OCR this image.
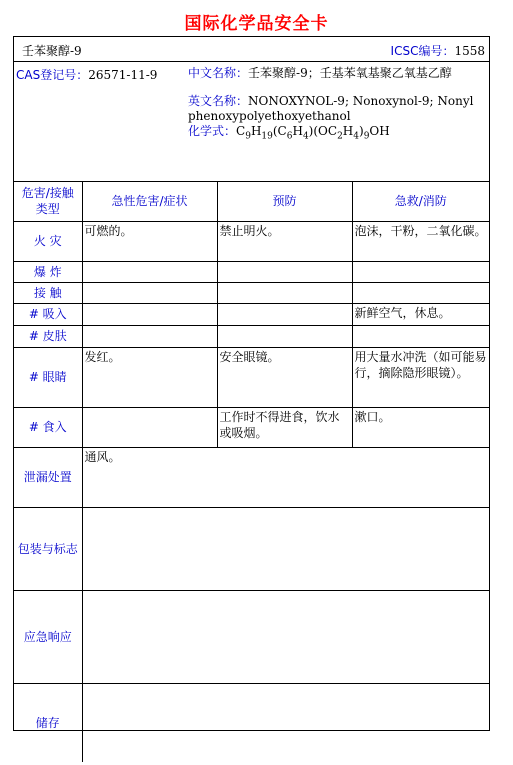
国际化学品安全卡
壬苯聚醇-9	ICSC编号：1558
CAS登记号：26571-11-9	中文名称：壬苯聚醇-9；壬基苯氧基聚乙氧基乙醇

英文名称：NONOXYNOL-9; Nonoxynol-9; Nonyl phenoxypolyethoxyethanol

化学式：$C_9H_{19}(C_6H_4)(OC_2H_4)_9OH$

危害/接触类型	急性危害/症状	预防	急救/消防
火 灾	可燃的。	禁止明火。	泡沫，干粉，二氧化碳。
爆 炸			
接 触			
# 吸入			新鲜空气，休息。
# 皮肤			
# 眼睛	发红。	安全眼镜。	用大量水冲洗（如可能易行，摘除隐形眼镜）。
# 食入		工作时不得进食，饮水或吸烟。	漱口。
泄漏处置	通风。		
包装与标志			
应急响应			
储存			
